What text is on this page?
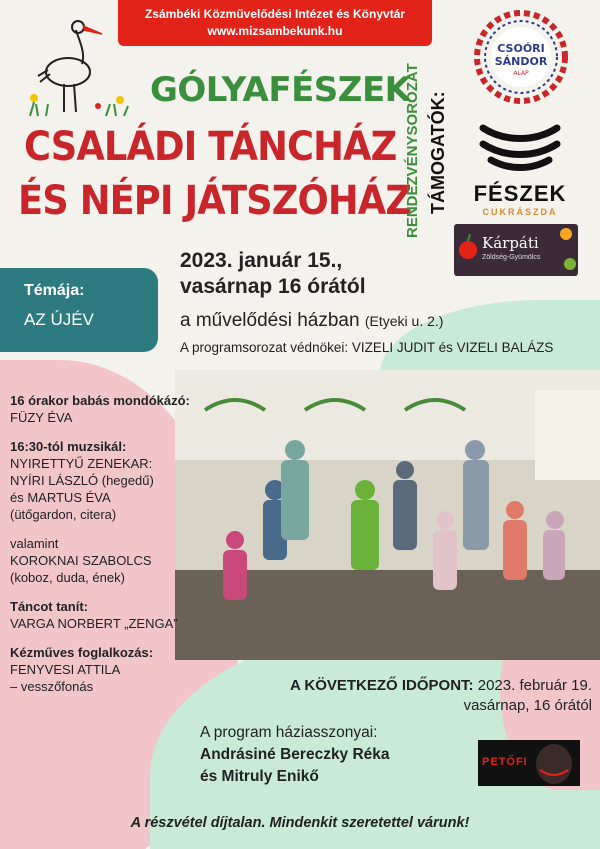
Zsámbéki Közművelődési Intézet és Könyvtár
www.mizsambekunk.hu
GÓLYAFÉSZEK
CSALÁDI TÁNCHÁZ
ÉS NÉPI JÁTSZÓHÁZ
RENDEZVÉNYSOROZAT TÁMOGATÓK:
CSOÓRI
SÁNDOR
ALAP
FÉSZEK
CUKRÁSZDA
Kárpáti
Zöldség-Gyümölcs
2023. január 15.,
vasárnap 16 órától
a művelődési házban (Etyeki u. 2.)
A programsorozat védnökei: VIZELI JUDIT és VIZELI BALÁZS
Témája:
AZ ÚJÉV
16 órakor babás mondókázó:
FÜZY ÉVA
16:30-tól muzsikál:
NYIRETTYŰ ZENEKAR:
NYÍRI LÁSZLÓ (hegedű)
és MARTUS ÉVA
(ütőgardon, citera)
valamint
KOROKNAI SZABOLCS
(koboz, duda, ének)
Táncot tanít:
VARGA NORBERT „ZENGA”
Kézműves foglalkozás:
FENYVESI ATTILA
– vesszőfonás	A KÖVETKEZŐ IDŐPONT: 2023. február 19.
vasárnap, 16 órától
A program háziasszonyai:
Andrásiné Bereczky Réka
és Mitruly Enikő
PETŐFI
A részvétel díjtalan. Mindenkit szeretettel várunk!
